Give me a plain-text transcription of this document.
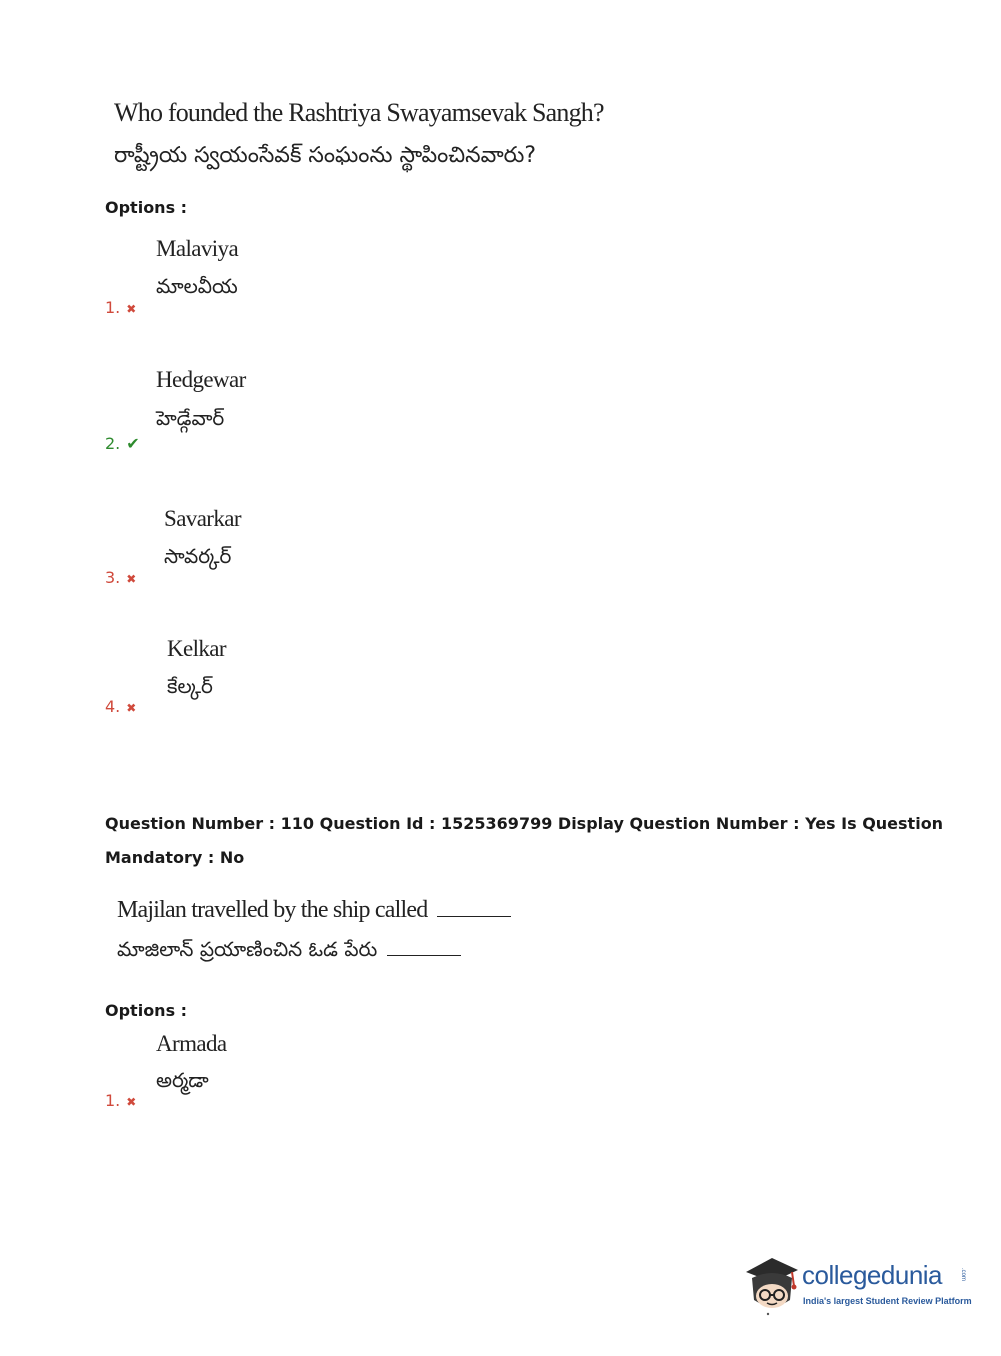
Who founded the Rashtriya Swayamsevak Sangh?
రాష్ట్రీయ స్వయంసేవక్ సంఘంను స్థాపించినవారు?
Options :
Malaviya
మాలవీయ
1. ✖
Hedgewar
హెడ్గేవార్
2. ✔
Savarkar
సావర్కర్
3. ✖
Kelkar
కేల్కర్
4. ✖
Question Number : 110 Question Id : 1525369799 Display Question Number : Yes Is Question
Mandatory : No
Majilan travelled by the ship called
మాజిలాన్ ప్రయాణించిన ఓడ పేరు
Options :
Armada
అర్మడా
1. ✖
collegedunia	.com
India's largest Student Review Platform
